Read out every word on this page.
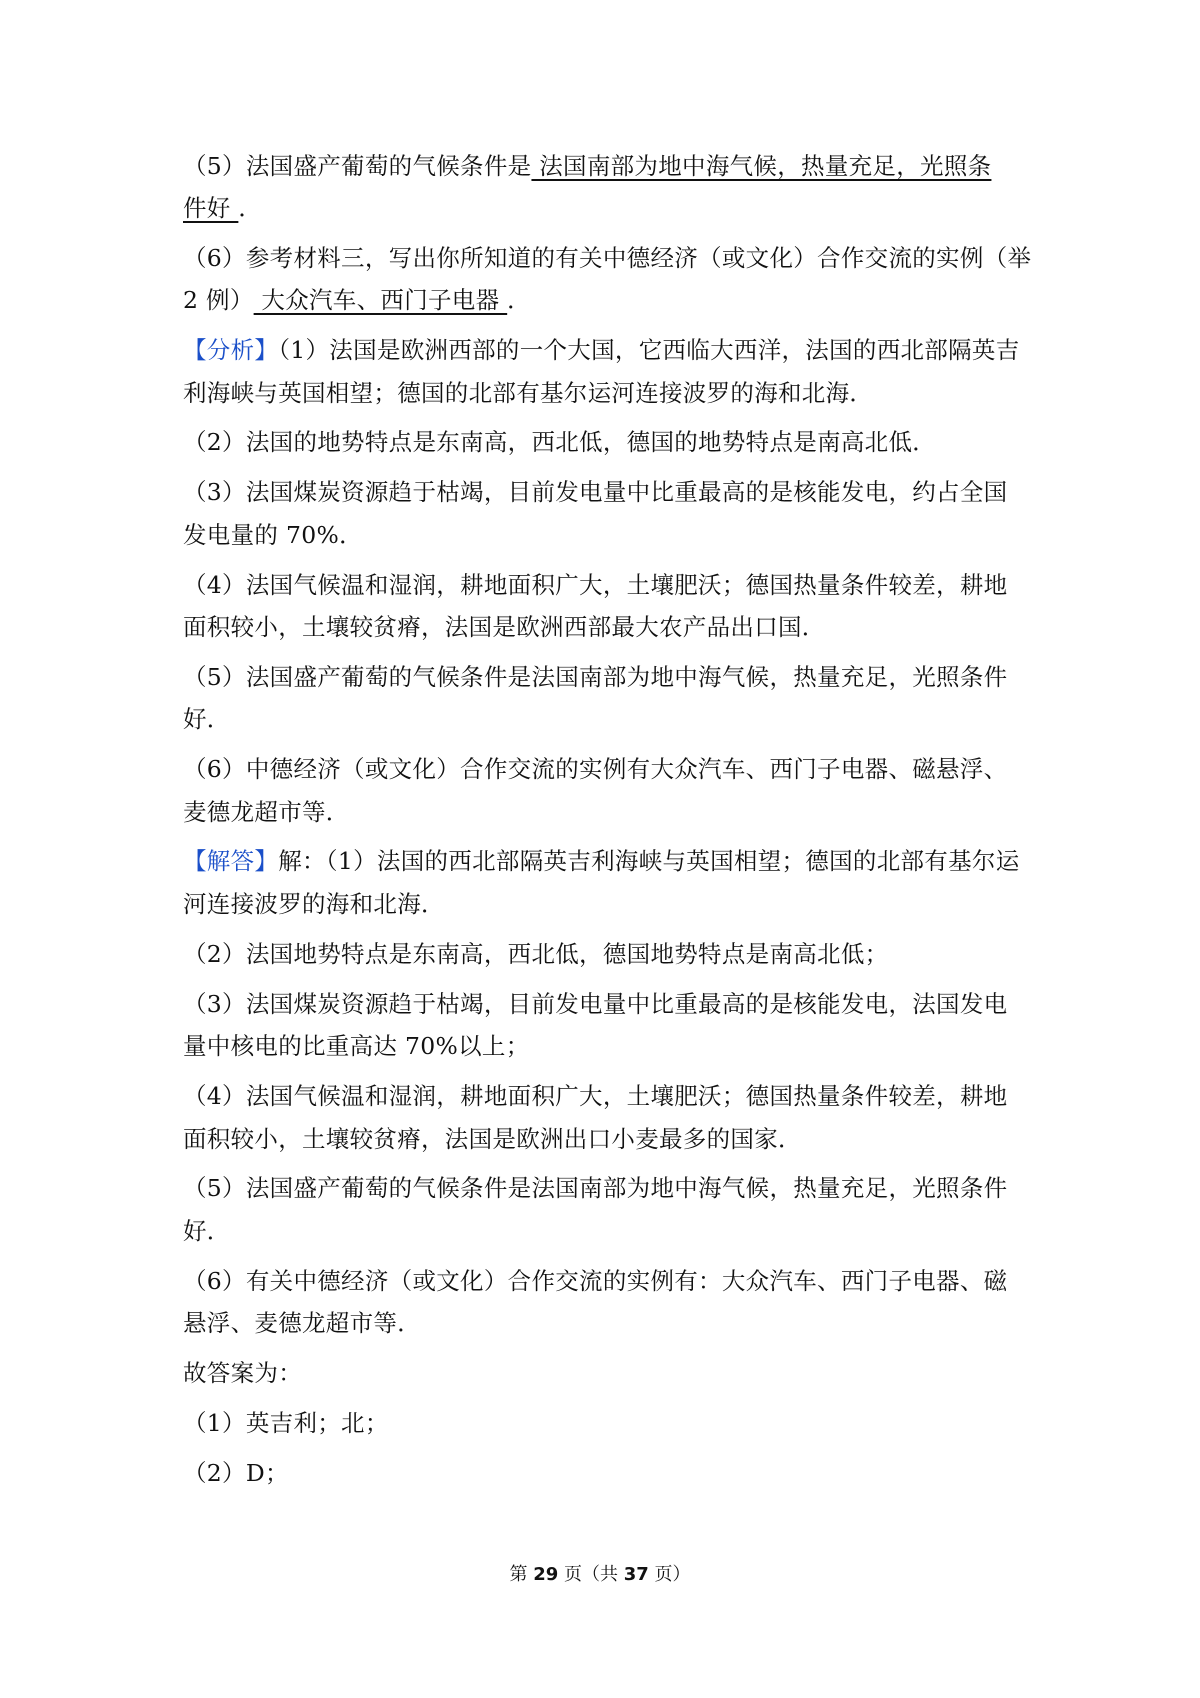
（5）法国盛产葡萄的气候条件是 法国南部为地中海气候，热量充足，光照条
件好 ．
（6）参考材料三，写出你所知道的有关中德经济（或文化）合作交流的实例（举
2 例） 大众汽车、西门子电器 ．
【分析】（1）法国是欧洲西部的一个大国，它西临大西洋，法国的西北部隔英吉
利海峡与英国相望；德国的北部有基尔运河连接波罗的海和北海．
（2）法国的地势特点是东南高，西北低，德国的地势特点是南高北低．
（3）法国煤炭资源趋于枯竭，目前发电量中比重最高的是核能发电，约占全国
发电量的 70%．
（4）法国气候温和湿润，耕地面积广大，土壤肥沃；德国热量条件较差，耕地
面积较小，土壤较贫瘠，法国是欧洲西部最大农产品出口国．
（5）法国盛产葡萄的气候条件是法国南部为地中海气候，热量充足，光照条件
好．
（6）中德经济（或文化）合作交流的实例有大众汽车、西门子电器、磁悬浮、
麦德龙超市等．
【解答】解：（1）法国的西北部隔英吉利海峡与英国相望；德国的北部有基尔运
河连接波罗的海和北海．
（2）法国地势特点是东南高，西北低，德国地势特点是南高北低；
（3）法国煤炭资源趋于枯竭，目前发电量中比重最高的是核能发电，法国发电
量中核电的比重高达 70%以上；
（4）法国气候温和湿润，耕地面积广大，土壤肥沃；德国热量条件较差，耕地
面积较小，土壤较贫瘠，法国是欧洲出口小麦最多的国家．
（5）法国盛产葡萄的气候条件是法国南部为地中海气候，热量充足，光照条件
好．
（6）有关中德经济（或文化）合作交流的实例有：大众汽车、西门子电器、磁
悬浮、麦德龙超市等．
故答案为：
（1）英吉利；北；
（2）D；
第 29 页（共 37 页）
